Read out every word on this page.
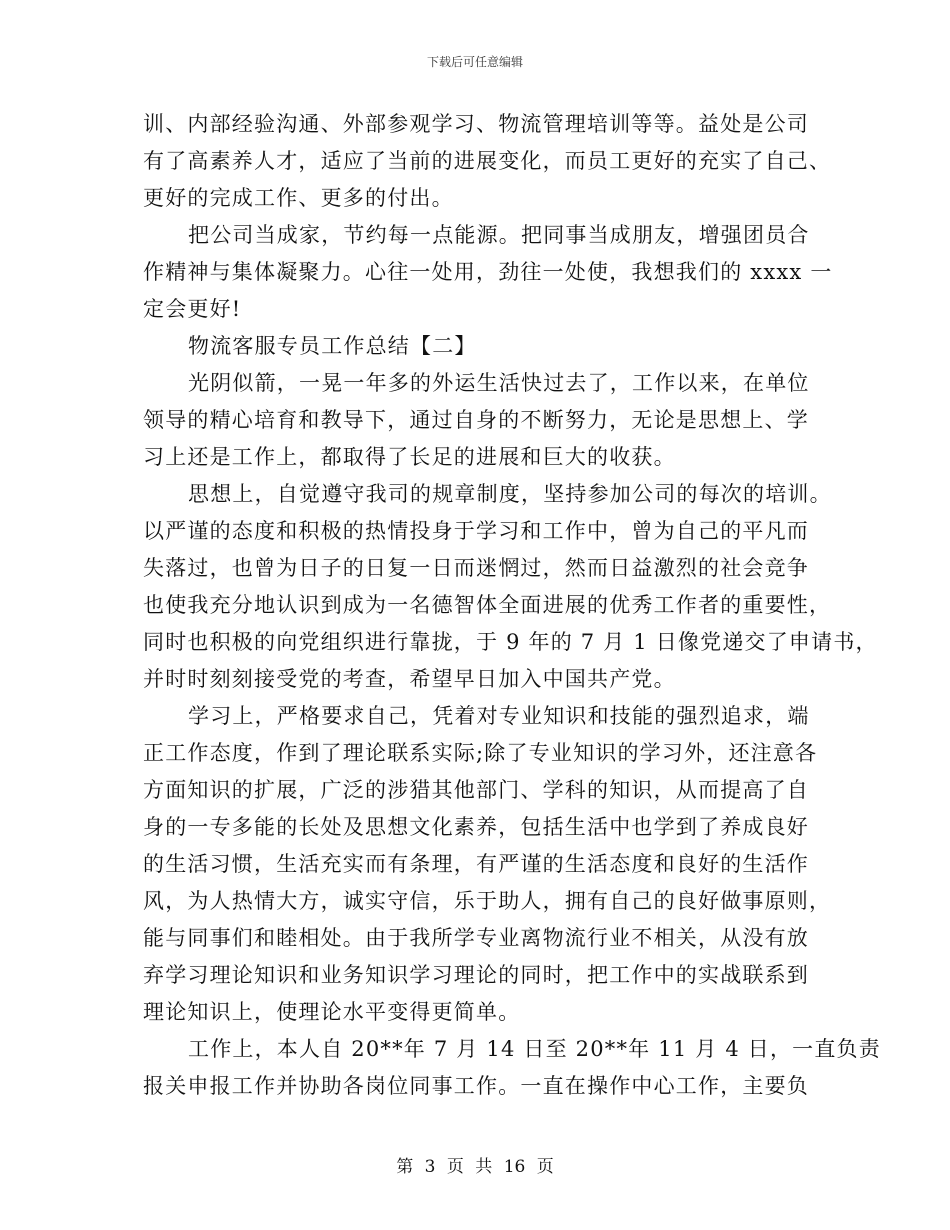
下载后可任意编辑
训、内部经验沟通、外部参观学习、物流管理培训等等。益处是公司
有了高素养人才，适应了当前的进展变化，而员工更好的充实了自己、
更好的完成工作、更多的付出。
把公司当成家，节约每一点能源。把同事当成朋友，增强团员合
作精神与集体凝聚力。心往一处用，劲往一处使，我想我们的 xxxx 一
定会更好!
物流客服专员工作总结【二】
光阴似箭，一晃一年多的外运生活快过去了，工作以来，在单位
领导的精心培育和教导下，通过自身的不断努力，无论是思想上、学
习上还是工作上，都取得了长足的进展和巨大的收获。
思想上，自觉遵守我司的规章制度，坚持参加公司的每次的培训。
以严谨的态度和积极的热情投身于学习和工作中，曾为自己的平凡而
失落过，也曾为日子的日复一日而迷惘过，然而日益激烈的社会竞争
也使我充分地认识到成为一名德智体全面进展的优秀工作者的重要性，
同时也积极的向党组织进行靠拢，于 9 年的 7 月 1 日像党递交了申请书，
并时时刻刻接受党的考查，希望早日加入中国共产党。
学习上，严格要求自己，凭着对专业知识和技能的强烈追求，端
正工作态度，作到了理论联系实际;除了专业知识的学习外，还注意各
方面知识的扩展，广泛的涉猎其他部门、学科的知识，从而提高了自
身的一专多能的长处及思想文化素养，包括生活中也学到了养成良好
的生活习惯，生活充实而有条理，有严谨的生活态度和良好的生活作
风，为人热情大方，诚实守信，乐于助人，拥有自己的良好做事原则，
能与同事们和睦相处。由于我所学专业离物流行业不相关，从没有放
弃学习理论知识和业务知识学习理论的同时，把工作中的实战联系到
理论知识上，使理论水平变得更简单。
工作上，本人自 20**年 7 月 14 日至 20**年 11 月 4 日，一直负责
报关申报工作并协助各岗位同事工作。一直在操作中心工作，主要负
第 3 页 共 16 页
